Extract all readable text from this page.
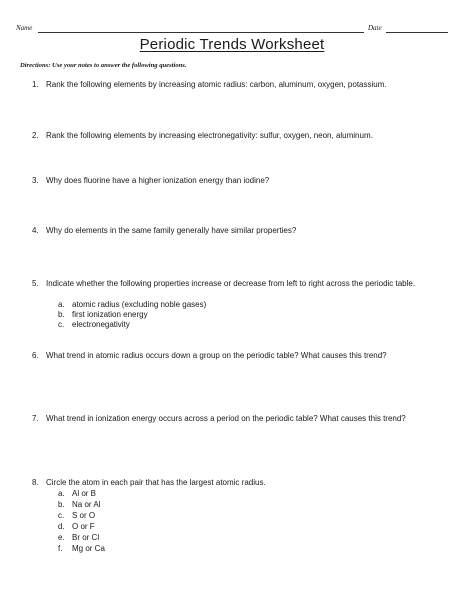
Name	Date
Periodic Trends Worksheet
Directions: Use your notes to answer the following questions.
1. Rank the following elements by increasing atomic radius: carbon, aluminum, oxygen, potassium.
2. Rank the following elements by increasing electronegativity: sulfur, oxygen, neon, aluminum.
3. Why does fluorine have a higher ionization energy than iodine?
4. Why do elements in the same family generally have similar properties?
5. Indicate whether the following properties increase or decrease from left to right across the periodic table.
a. atomic radius (excluding noble gases)
b. first ionization energy
c. electronegativity
6. What trend in atomic radius occurs down a group on the periodic table? What causes this trend?
7. What trend in ionization energy occurs across a period on the periodic table? What causes this trend?
8. Circle the atom in each pair that has the largest atomic radius.
a. Al or B
b. Na or Al
c. S or O
d. O or F
e. Br or Cl
f. Mg or Ca
